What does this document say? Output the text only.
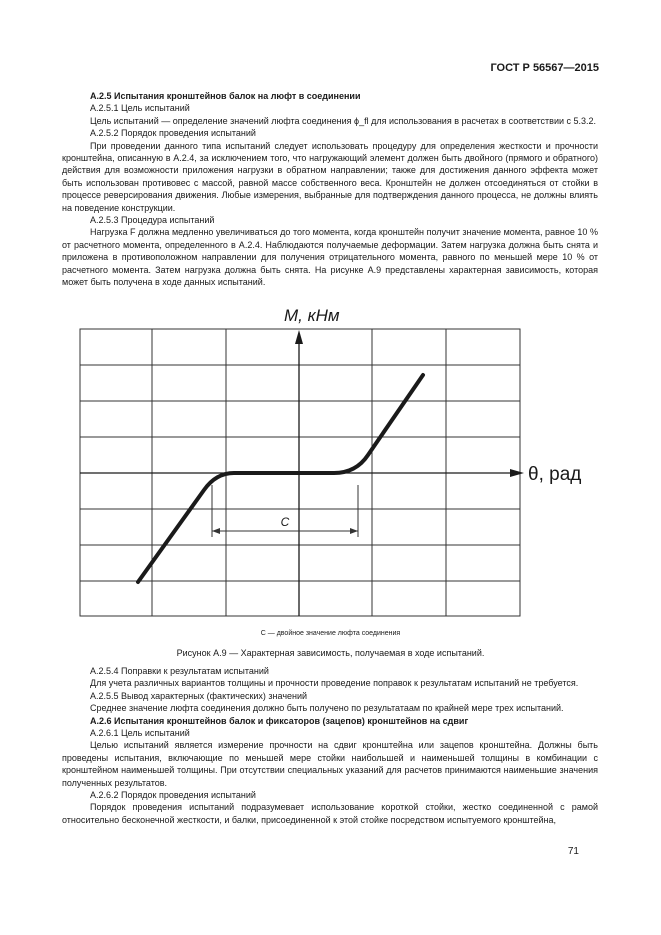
ГОСТ Р 56567—2015

А.2.5 Испытания кронштейнов балок на люфт в соединении

А.2.5.1 Цель испытаний

Цель испытаний — определение значений люфта соединения ϕ_fl для использования в расчетах в соответствии с 5.3.2.

А.2.5.2 Порядок проведения испытаний

При проведении данного типа испытаний следует использовать процедуру для определения жесткости и прочности кронштейна, описанную в А.2.4, за исключением того, что нагружающий элемент должен быть двойного (прямого и обратного) действия для возможности приложения нагрузки в обратном направлении; также для достижения данного эффекта может быть использован противовес с массой, равной массе собственного веса. Кронштейн не должен отсоединяться от стойки в процессе реверсирования движения. Любые измерения, выбранные для подтверждения данного процесса, не должны влиять на поведение конструкции.

А.2.5.3 Процедура испытаний

Нагрузка F должна медленно увеличиваться до того момента, когда кронштейн получит значение момента, равное 10 % от расчетного момента, определенного в А.2.4. Наблюдаются получаемые деформации. Затем нагрузка должна быть снята и приложена в противоположном направлении для получения отрицательного момента, равного по меньшей мере 10 % от расчетного момента. Затем нагрузка должна быть снята. На рисунке А.9 представлены характерная зависимость, которая может быть получена в ходе данных испытаний.

С
М, кНм
θ, рад
С — двойное значение люфта соединения
Рисунок А.9 — Характерная зависимость, получаемая в ходе испытаний.

А.2.5.4 Поправки к результатам испытаний

Для учета различных вариантов толщины и прочности проведение поправок к результатам испытаний не требуется.

А.2.5.5 Вывод характерных (фактических) значений

Среднее значение люфта соединения должно быть получено по результатаам по крайней мере трех испытаний.

А.2.6 Испытания кронштейнов балок и фиксаторов (зацепов) кронштейнов на сдвиг

А.2.6.1 Цель испытаний

Целью испытаний является измерение прочности на сдвиг кронштейна или зацепов кронштейна. Должны быть проведены испытания, включающие по меньшей мере стойки наибольшей и наименьшей толщины в комбинации с кронштейном наименьшей толщины. При отсутствии специальных указаний для расчетов принимаются наименьшие значения полученных результатов.

А.2.6.2 Порядок проведения испытаний

Порядок проведения испытаний подразумевает использование короткой стойки, жестко соединенной с рамой относительно бесконечной жесткости, и балки, присоединенной к этой стойке посредством испытуемого кронштейна,

71
